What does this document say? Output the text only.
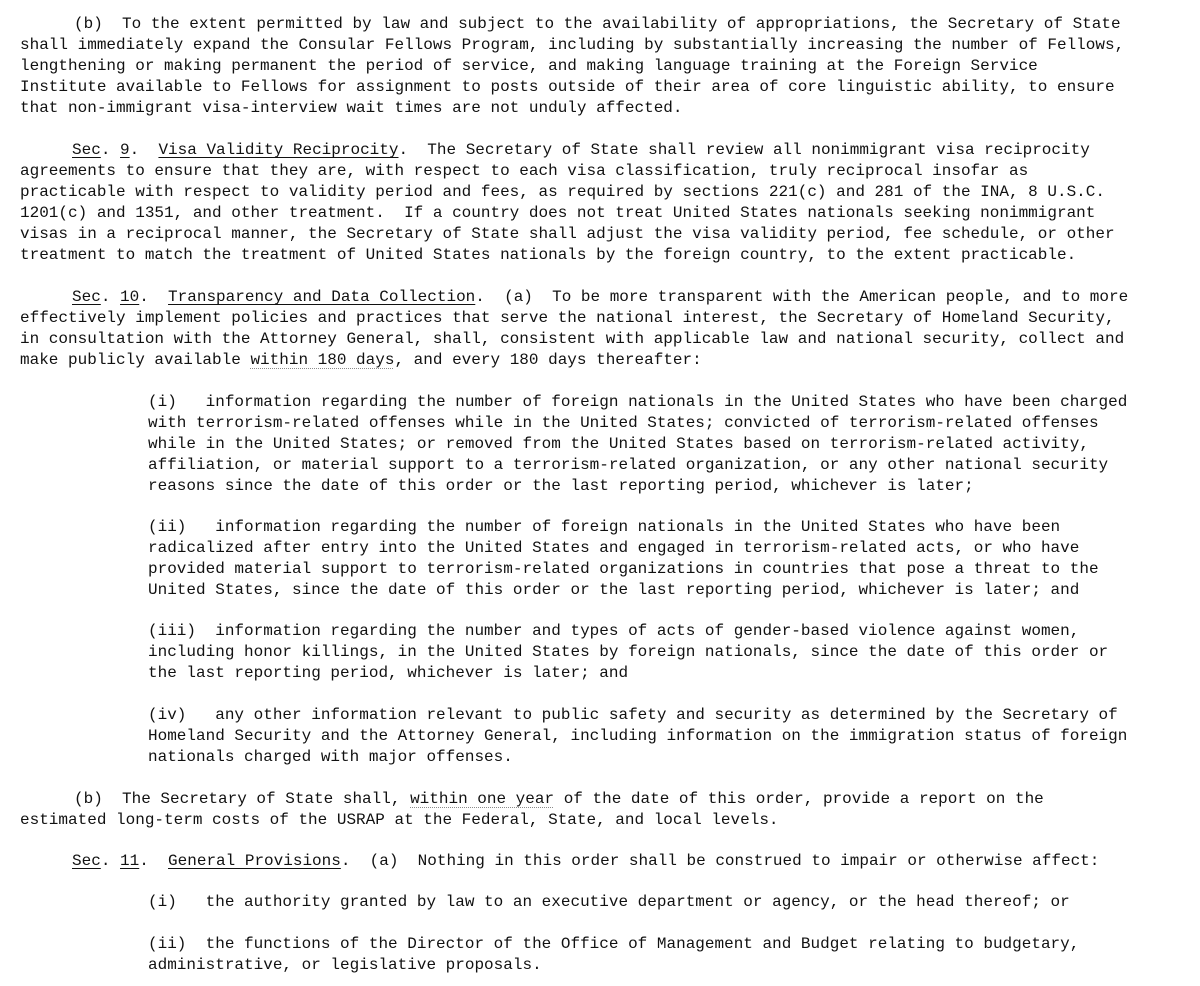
(b)  To the extent permitted by law and subject to the availability of appropriations, the Secretary of State
shall immediately expand the Consular Fellows Program, including by substantially increasing the number of Fellows,
lengthening or making permanent the period of service, and making language training at the Foreign Service
Institute available to Fellows for assignment to posts outside of their area of core linguistic ability, to ensure
that non-immigrant visa-interview wait times are not unduly affected.
Sec. 9.  Visa Validity Reciprocity.  The Secretary of State shall review all nonimmigrant visa reciprocity
agreements to ensure that they are, with respect to each visa classification, truly reciprocal insofar as
practicable with respect to validity period and fees, as required by sections 221(c) and 281 of the INA, 8 U.S.C.
1201(c) and 1351, and other treatment.  If a country does not treat United States nationals seeking nonimmigrant
visas in a reciprocal manner, the Secretary of State shall adjust the visa validity period, fee schedule, or other
treatment to match the treatment of United States nationals by the foreign country, to the extent practicable.
Sec. 10.  Transparency and Data Collection.  (a)  To be more transparent with the American people, and to more
effectively implement policies and practices that serve the national interest, the Secretary of Homeland Security,
in consultation with the Attorney General, shall, consistent with applicable law and national security, collect and
make publicly available within 180 days, and every 180 days thereafter:
(i)   information regarding the number of foreign nationals in the United States who have been charged
with terrorism-related offenses while in the United States; convicted of terrorism-related offenses
while in the United States; or removed from the United States based on terrorism-related activity,
affiliation, or material support to a terrorism-related organization, or any other national security
reasons since the date of this order or the last reporting period, whichever is later;
(ii)   information regarding the number of foreign nationals in the United States who have been
radicalized after entry into the United States and engaged in terrorism-related acts, or who have
provided material support to terrorism-related organizations in countries that pose a threat to the
United States, since the date of this order or the last reporting period, whichever is later; and
(iii)  information regarding the number and types of acts of gender-based violence against women,
including honor killings, in the United States by foreign nationals, since the date of this order or
the last reporting period, whichever is later; and
(iv)   any other information relevant to public safety and security as determined by the Secretary of
Homeland Security and the Attorney General, including information on the immigration status of foreign
nationals charged with major offenses.
(b)  The Secretary of State shall, within one year of the date of this order, provide a report on the
estimated long-term costs of the USRAP at the Federal, State, and local levels.
Sec. 11.  General Provisions.  (a)  Nothing in this order shall be construed to impair or otherwise affect:
(i)   the authority granted by law to an executive department or agency, or the head thereof; or
(ii)  the functions of the Director of the Office of Management and Budget relating to budgetary,
administrative, or legislative proposals.
